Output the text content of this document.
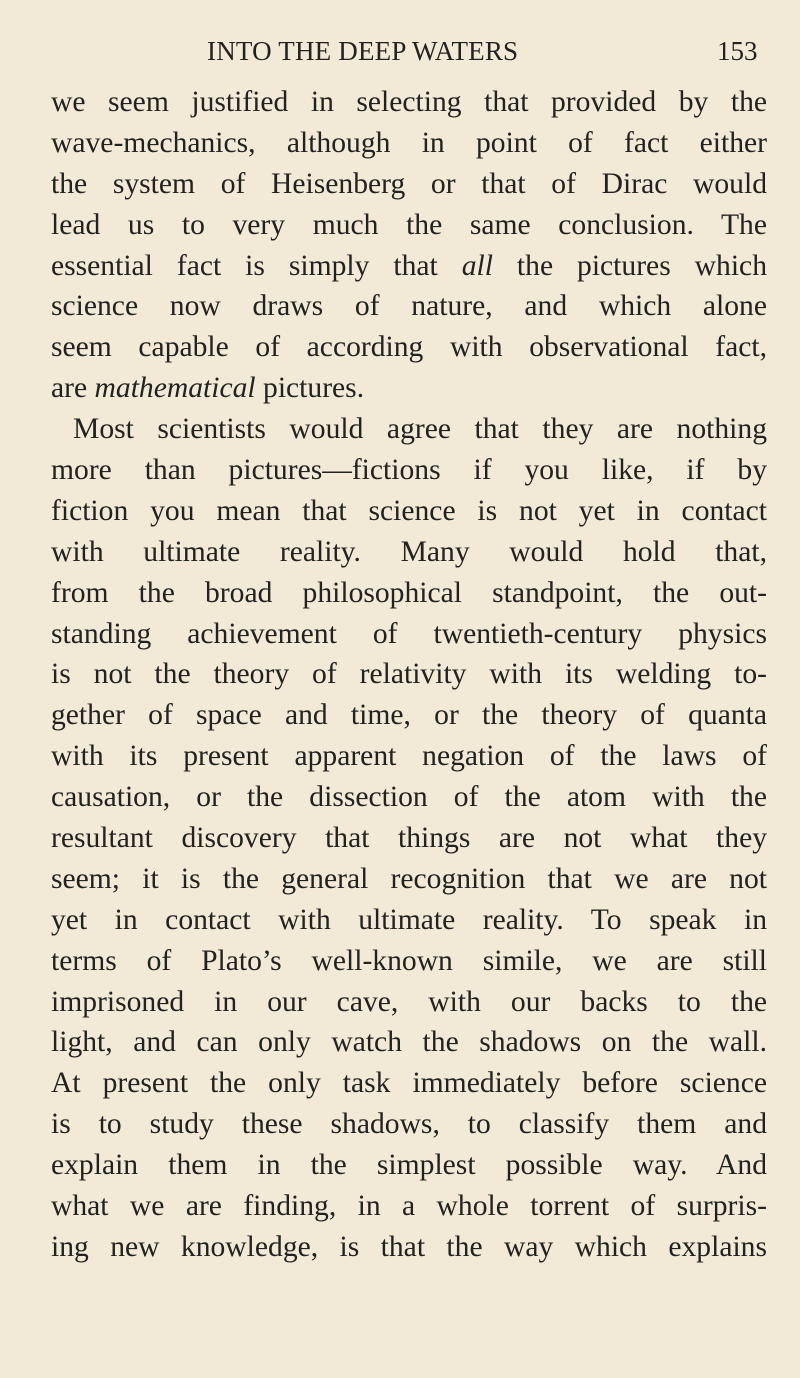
INTO THE DEEP WATERS	153
we seem justified in selecting that provided by the
wave-mechanics, although in point of fact either
the system of Heisenberg or that of Dirac would
lead us to very much the same conclusion. The
essential fact is simply that all the pictures which
science now draws of nature, and which alone
seem capable of according with observational fact,
are mathematical pictures.
Most scientists would agree that they are nothing
more than pictures—fictions if you like, if by
fiction you mean that science is not yet in contact
with ultimate reality. Many would hold that,
from the broad philosophical standpoint, the out-
standing achievement of twentieth-century physics
is not the theory of relativity with its welding to-
gether of space and time, or the theory of quanta
with its present apparent negation of the laws of
causation, or the dissection of the atom with the
resultant discovery that things are not what they
seem; it is the general recognition that we are not
yet in contact with ultimate reality. To speak in
terms of Plato’s well-known simile, we are still
imprisoned in our cave, with our backs to the
light, and can only watch the shadows on the wall.
At present the only task immediately before science
is to study these shadows, to classify them and
explain them in the simplest possible way. And
what we are finding, in a whole torrent of surpris-
ing new knowledge, is that the way which explains
